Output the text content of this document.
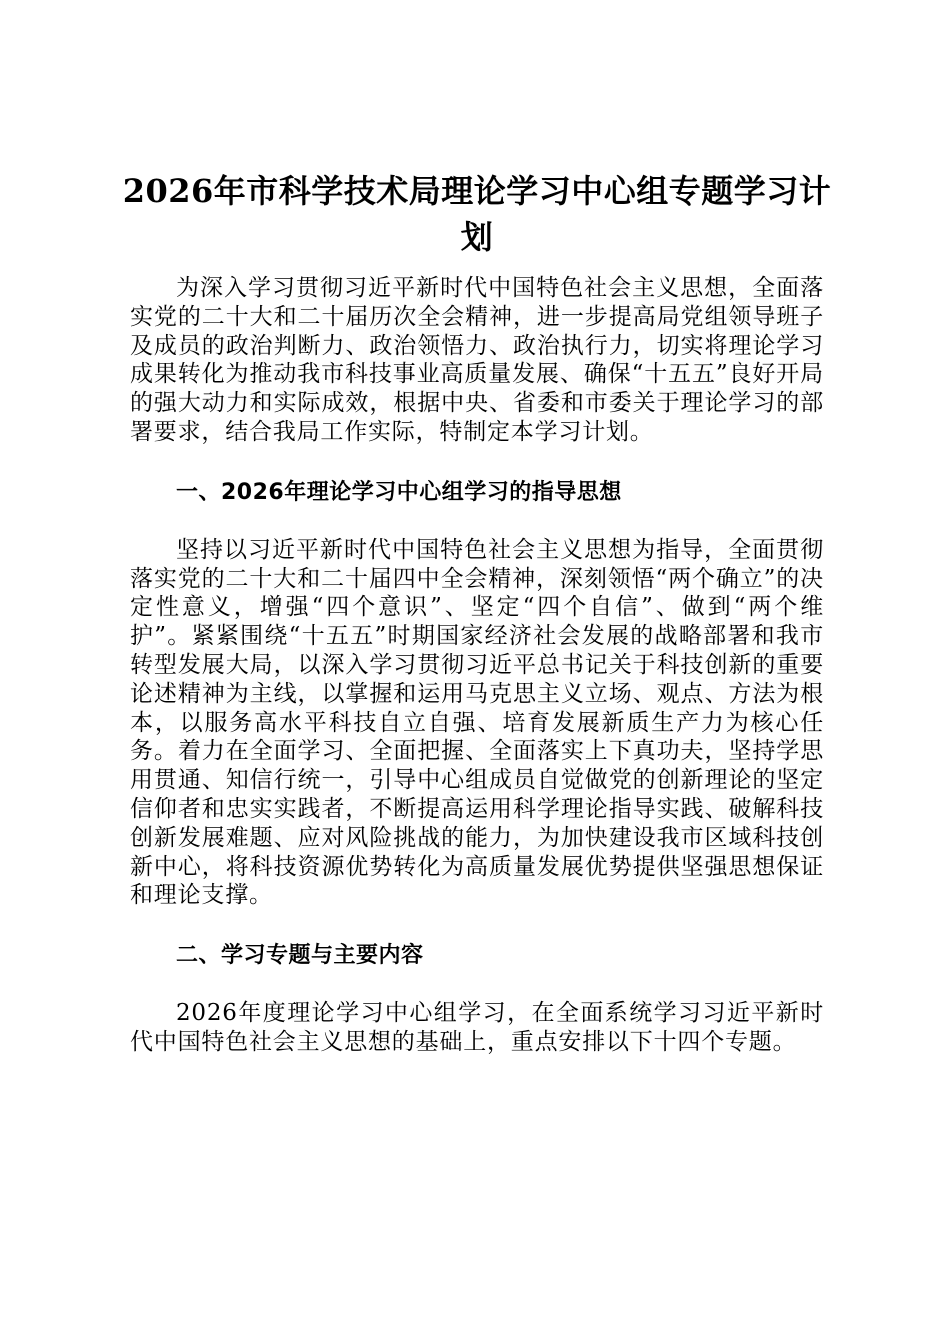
2026年市科学技术局理论学习中心组专题学习计划

为深入学习贯彻习近平新时代中国特色社会主义思想，全面落实党的二十大和二十届历次全会精神，进一步提高局党组领导班子及成员的政治判断力、政治领悟力、政治执行力，切实将理论学习成果转化为推动我市科技事业高质量发展、确保“十五五”良好开局的强大动力和实际成效，根据中央、省委和市委关于理论学习的部署要求，结合我局工作实际，特制定本学习计划。

一、2026年理论学习中心组学习的指导思想

坚持以习近平新时代中国特色社会主义思想为指导，全面贯彻落实党的二十大和二十届四中全会精神，深刻领悟“两个确立”的决定性意义，增强“四个意识”、坚定“四个自信”、做到“两个维护”。紧紧围绕“十五五”时期国家经济社会发展的战略部署和我市转型发展大局，以深入学习贯彻习近平总书记关于科技创新的重要论述精神为主线，以掌握和运用马克思主义立场、观点、方法为根本，以服务高水平科技自立自强、培育发展新质生产力为核心任务。着力在全面学习、全面把握、全面落实上下真功夫，坚持学思用贯通、知信行统一，引导中心组成员自觉做党的创新理论的坚定信仰者和忠实实践者，不断提高运用科学理论指导实践、破解科技创新发展难题、应对风险挑战的能力，为加快建设我市区域科技创新中心，将科技资源优势转化为高质量发展优势提供坚强思想保证和理论支撑。

二、学习专题与主要内容

2026年度理论学习中心组学习，在全面系统学习习近平新时代中国特色社会主义思想的基础上，重点安排以下十四个专题。
